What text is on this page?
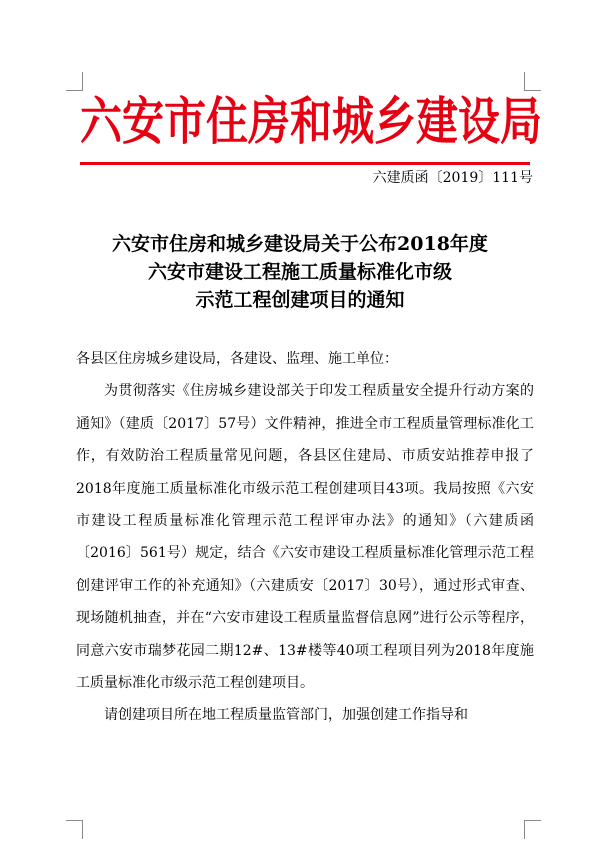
六安市住房和城乡建设局
六建质函〔2019〕111号
六安市住房和城乡建设局关于公布2018年度
六安市建设工程施工质量标准化市级
示范工程创建项目的通知

各县区住房城乡建设局，各建设、监理、施工单位：

为贯彻落实《住房城乡建设部关于印发工程质量安全提升行动方案的通知》（建质〔2017〕57号）文件精神，推进全市工程质量管理标准化工作，有效防治工程质量常见问题，各县区住建局、市质安站推荐申报了2018年度施工质量标准化市级示范工程创建项目43项。我局按照《六安市建设工程质量标准化管理示范工程评审办法》的通知》（六建质函〔2016〕561号）规定，结合《六安市建设工程质量标准化管理示范工程创建评审工作的补充通知》（六建质安〔2017〕30号），通过形式审查、现场随机抽查，并在“六安市建设工程质量监督信息网”进行公示等程序，同意六安市瑞梦花园二期12#、13#楼等40项工程项目列为2018年度施工质量标准化市级示范工程创建项目。

请创建项目所在地工程质量监管部门，加强创建工作指导和
